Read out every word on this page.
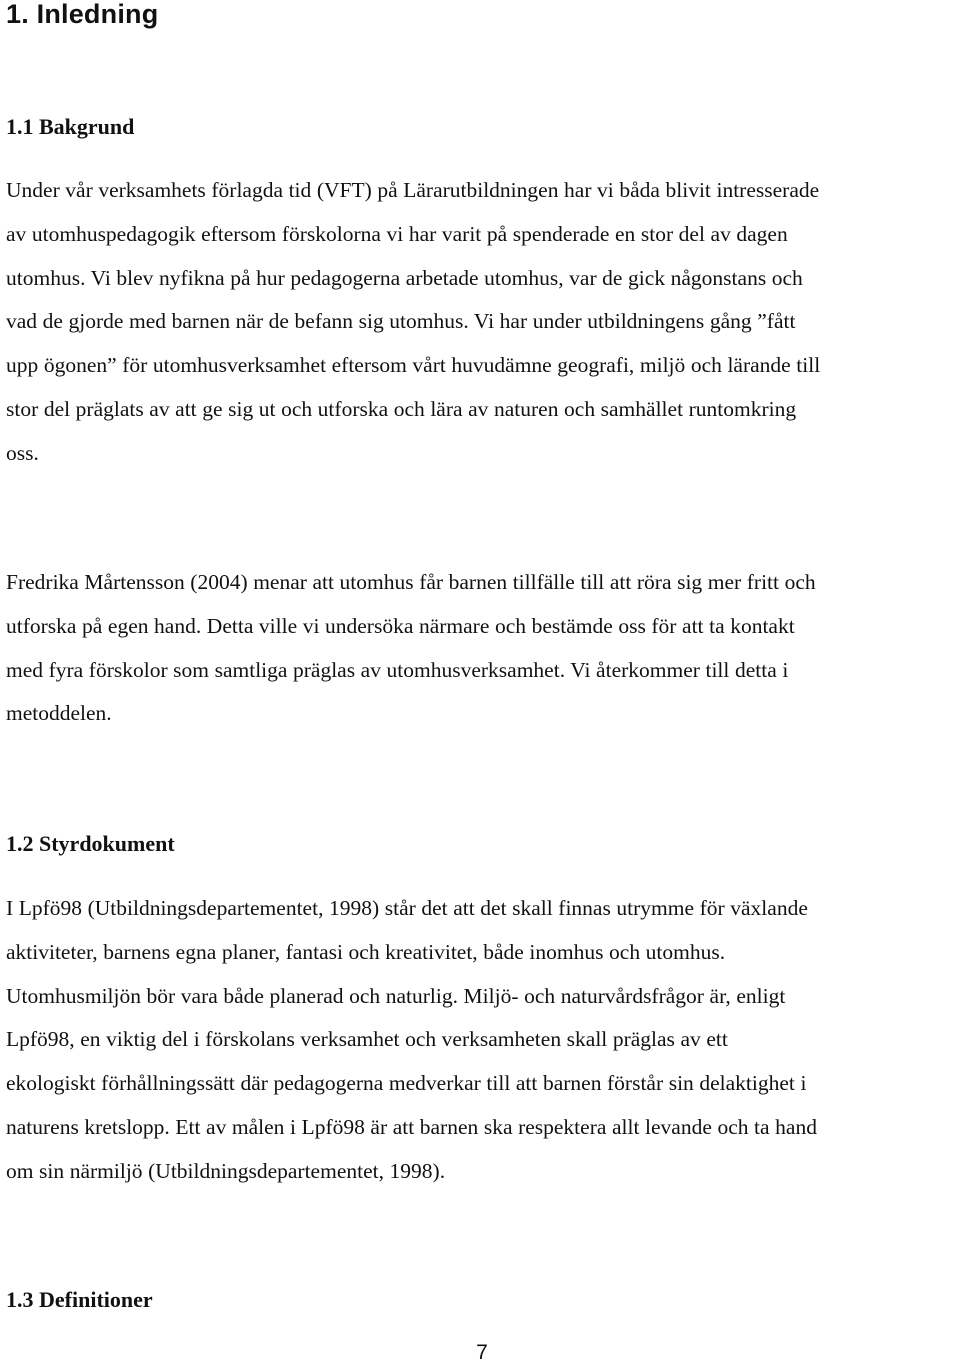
1. Inledning
1.1 Bakgrund
Under vår verksamhets förlagda tid (VFT) på Lärarutbildningen har vi båda blivit intresserade
av utomhuspedagogik eftersom förskolorna vi har varit på spenderade en stor del av dagen
utomhus. Vi blev nyfikna på hur pedagogerna arbetade utomhus, var de gick någonstans och
vad de gjorde med barnen när de befann sig utomhus. Vi har under utbildningens gång ”fått
upp ögonen” för utomhusverksamhet eftersom vårt huvudämne geografi, miljö och lärande till
stor del präglats av att ge sig ut och utforska och lära av naturen och samhället runtomkring
oss.
Fredrika Mårtensson (2004) menar att utomhus får barnen tillfälle till att röra sig mer fritt och
utforska på egen hand. Detta ville vi undersöka närmare och bestämde oss för att ta kontakt
med fyra förskolor som samtliga präglas av utomhusverksamhet. Vi återkommer till detta i
metoddelen.
1.2 Styrdokument
I Lpfö98 (Utbildningsdepartementet, 1998) står det att det skall finnas utrymme för växlande
aktiviteter, barnens egna planer, fantasi och kreativitet, både inomhus och utomhus.
Utomhusmiljön bör vara både planerad och naturlig. Miljö- och naturvårdsfrågor är, enligt
Lpfö98, en viktig del i förskolans verksamhet och verksamheten skall präglas av ett
ekologiskt förhållningssätt där pedagogerna medverkar till att barnen förstår sin delaktighet i
naturens kretslopp. Ett av målen i Lpfö98 är att barnen ska respektera allt levande och ta hand
om sin närmiljö (Utbildningsdepartementet, 1998).
1.3 Definitioner
7
